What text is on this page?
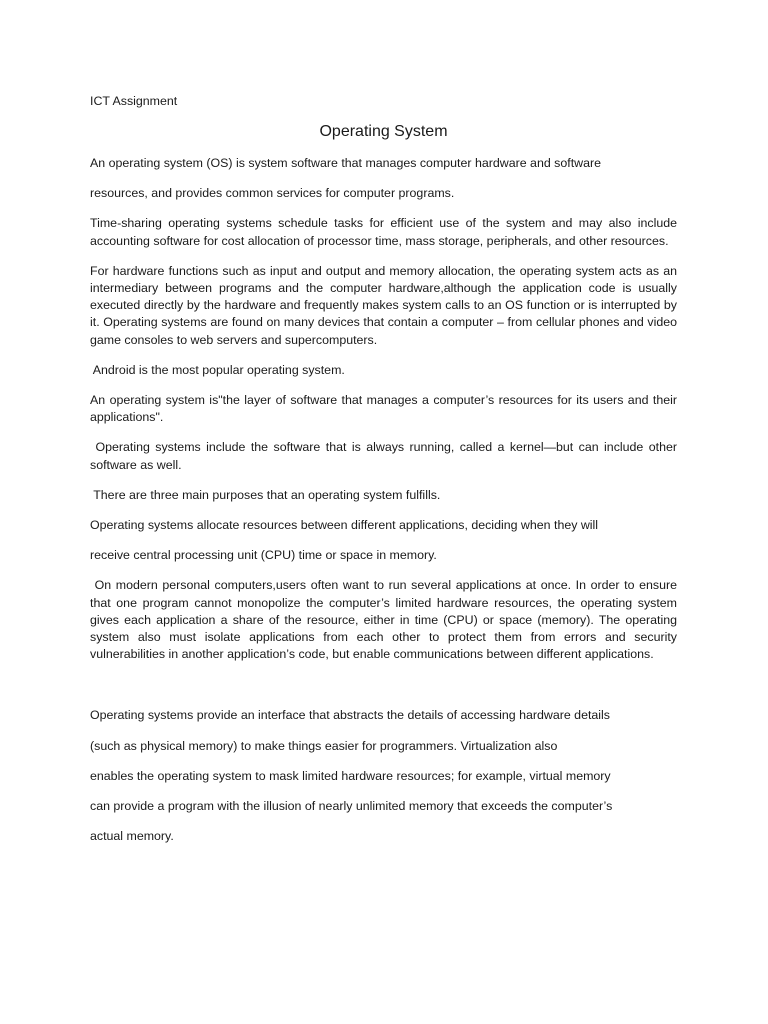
ICT Assignment

Operating System

An operating system (OS) is system software that manages computer hardware and software

resources, and provides common services for computer programs.

Time-sharing operating systems schedule tasks for efficient use of the system and may also include accounting software for cost allocation of processor time, mass storage, peripherals, and other resources.

For hardware functions such as input and output and memory allocation, the operating system acts as an intermediary between programs and the computer hardware,although the application code is usually executed directly by the hardware and frequently makes system calls to an OS function or is interrupted by it. Operating systems are found on many devices that contain a computer – from cellular phones and video game consoles to web servers and supercomputers.

Android is the most popular operating system.

An operating system is"the layer of software that manages a computer’s resources for its users and their applications".

Operating systems include the software that is always running, called a kernel—but can include other software as well.

There are three main purposes that an operating system fulfills.

Operating systems allocate resources between different applications, deciding when they will

receive central processing unit (CPU) time or space in memory.

On modern personal computers,users often want to run several applications at once. In order to ensure that one program cannot monopolize the computer’s limited hardware resources, the operating system gives each application a share of the resource, either in time (CPU) or space (memory). The operating system also must isolate applications from each other to protect them from errors and security vulnerabilities in another application’s code, but enable communications between different applications.

Operating systems provide an interface that abstracts the details of accessing hardware details

(such as physical memory) to make things easier for programmers. Virtualization also

enables the operating system to mask limited hardware resources; for example, virtual memory

can provide a program with the illusion of nearly unlimited memory that exceeds the computer’s

actual memory.
